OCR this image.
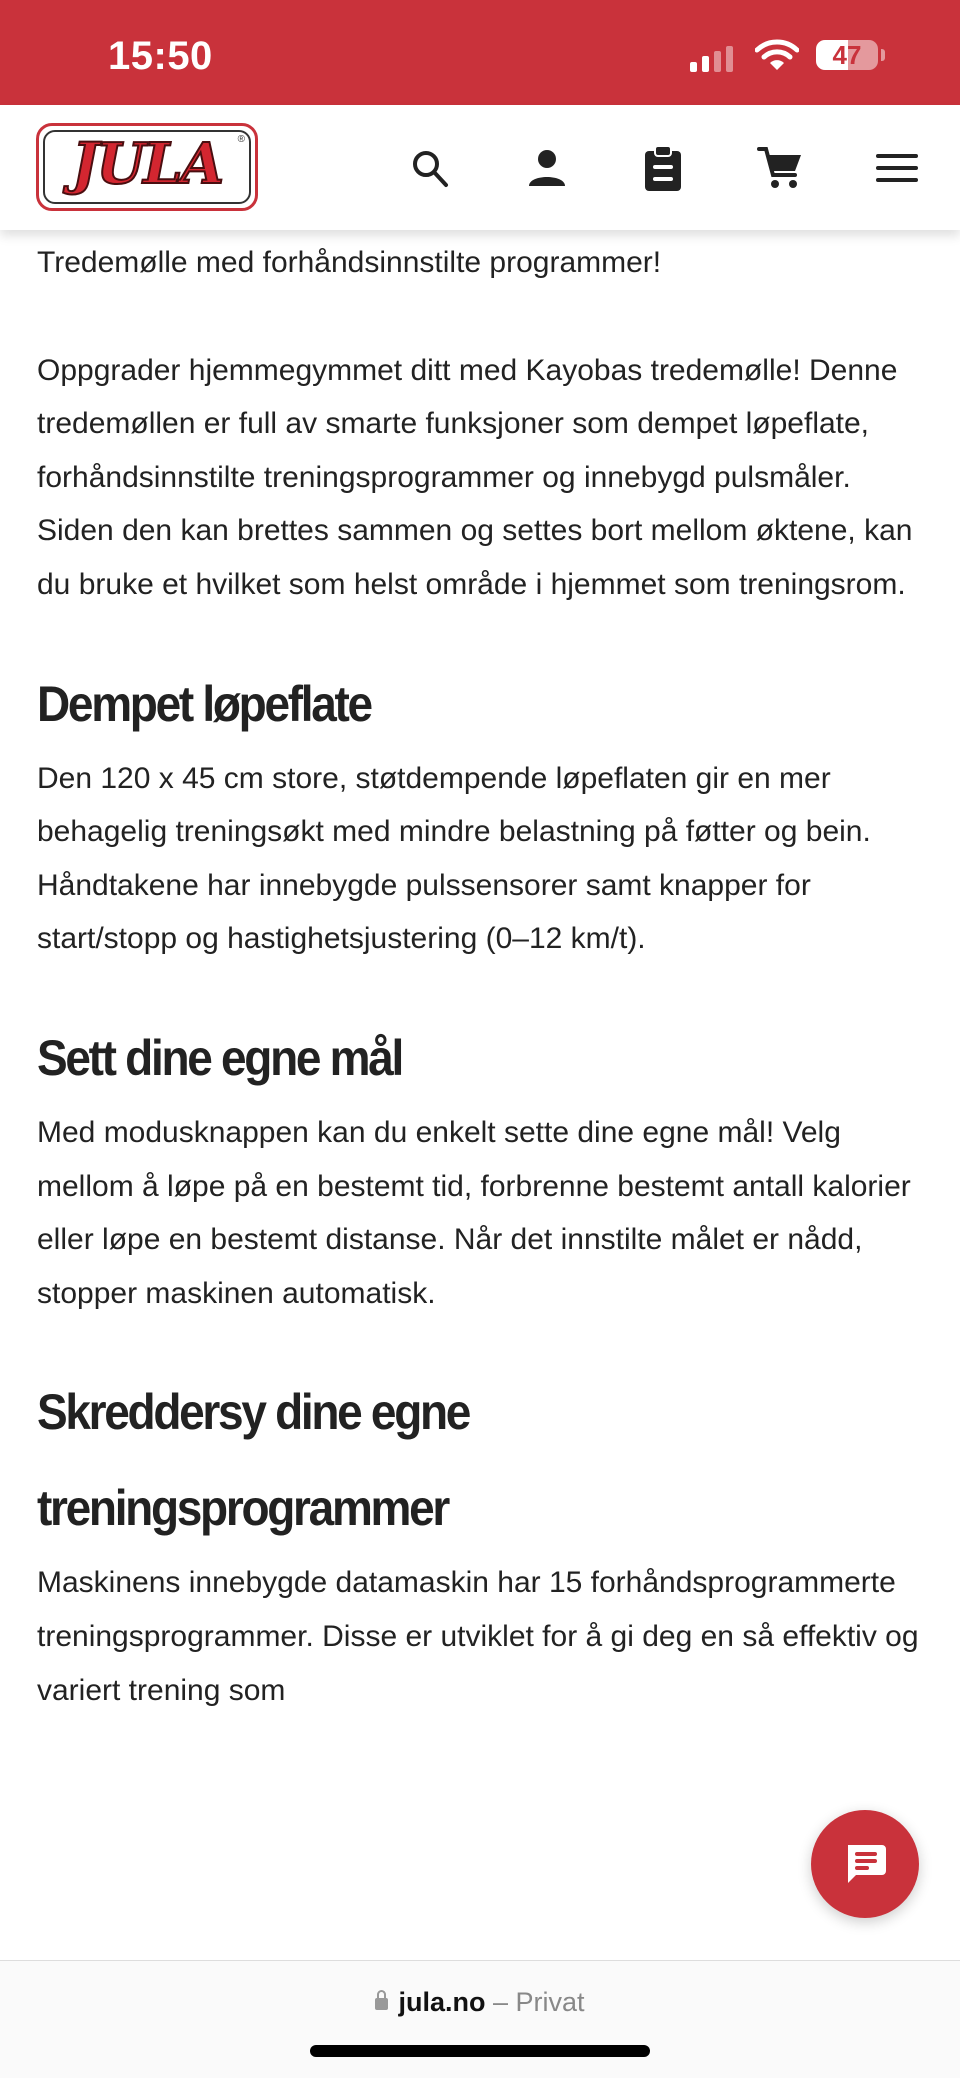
15:50	47
JULA	®

Tredemølle med forhåndsinnstilte programmer!

Oppgrader hjemmegymmet ditt med Kayobas tredemølle! Denne tredemøllen er full av smarte funksjoner som dempet løpeflate, forhåndsinnstilte treningsprogrammer og innebygd pulsmåler. Siden den kan brettes sammen og settes bort mellom øktene, kan du bruke et hvilket som helst område i hjemmet som treningsrom.

Dempet løpeflate

Den 120 x 45 cm store, støtdempende løpeflaten gir en mer behagelig treningsøkt med mindre belastning på føtter og bein. Håndtakene har innebygde pulssensorer samt knapper for start/stopp og hastighetsjustering (0–12 km/t).

Sett dine egne mål

Med modusknappen kan du enkelt sette dine egne mål! Velg mellom å løpe på en bestemt tid, forbrenne bestemt antall kalorier eller løpe en bestemt distanse. Når det innstilte målet er nådd, stopper maskinen automatisk.

Skreddersy dine egne treningsprogrammer

Maskinens innebygde datamaskin har 15 forhåndsprogrammerte treningsprogrammer. Disse er utviklet for å gi deg en så effektiv og variert trening som

jula.no – Privat
